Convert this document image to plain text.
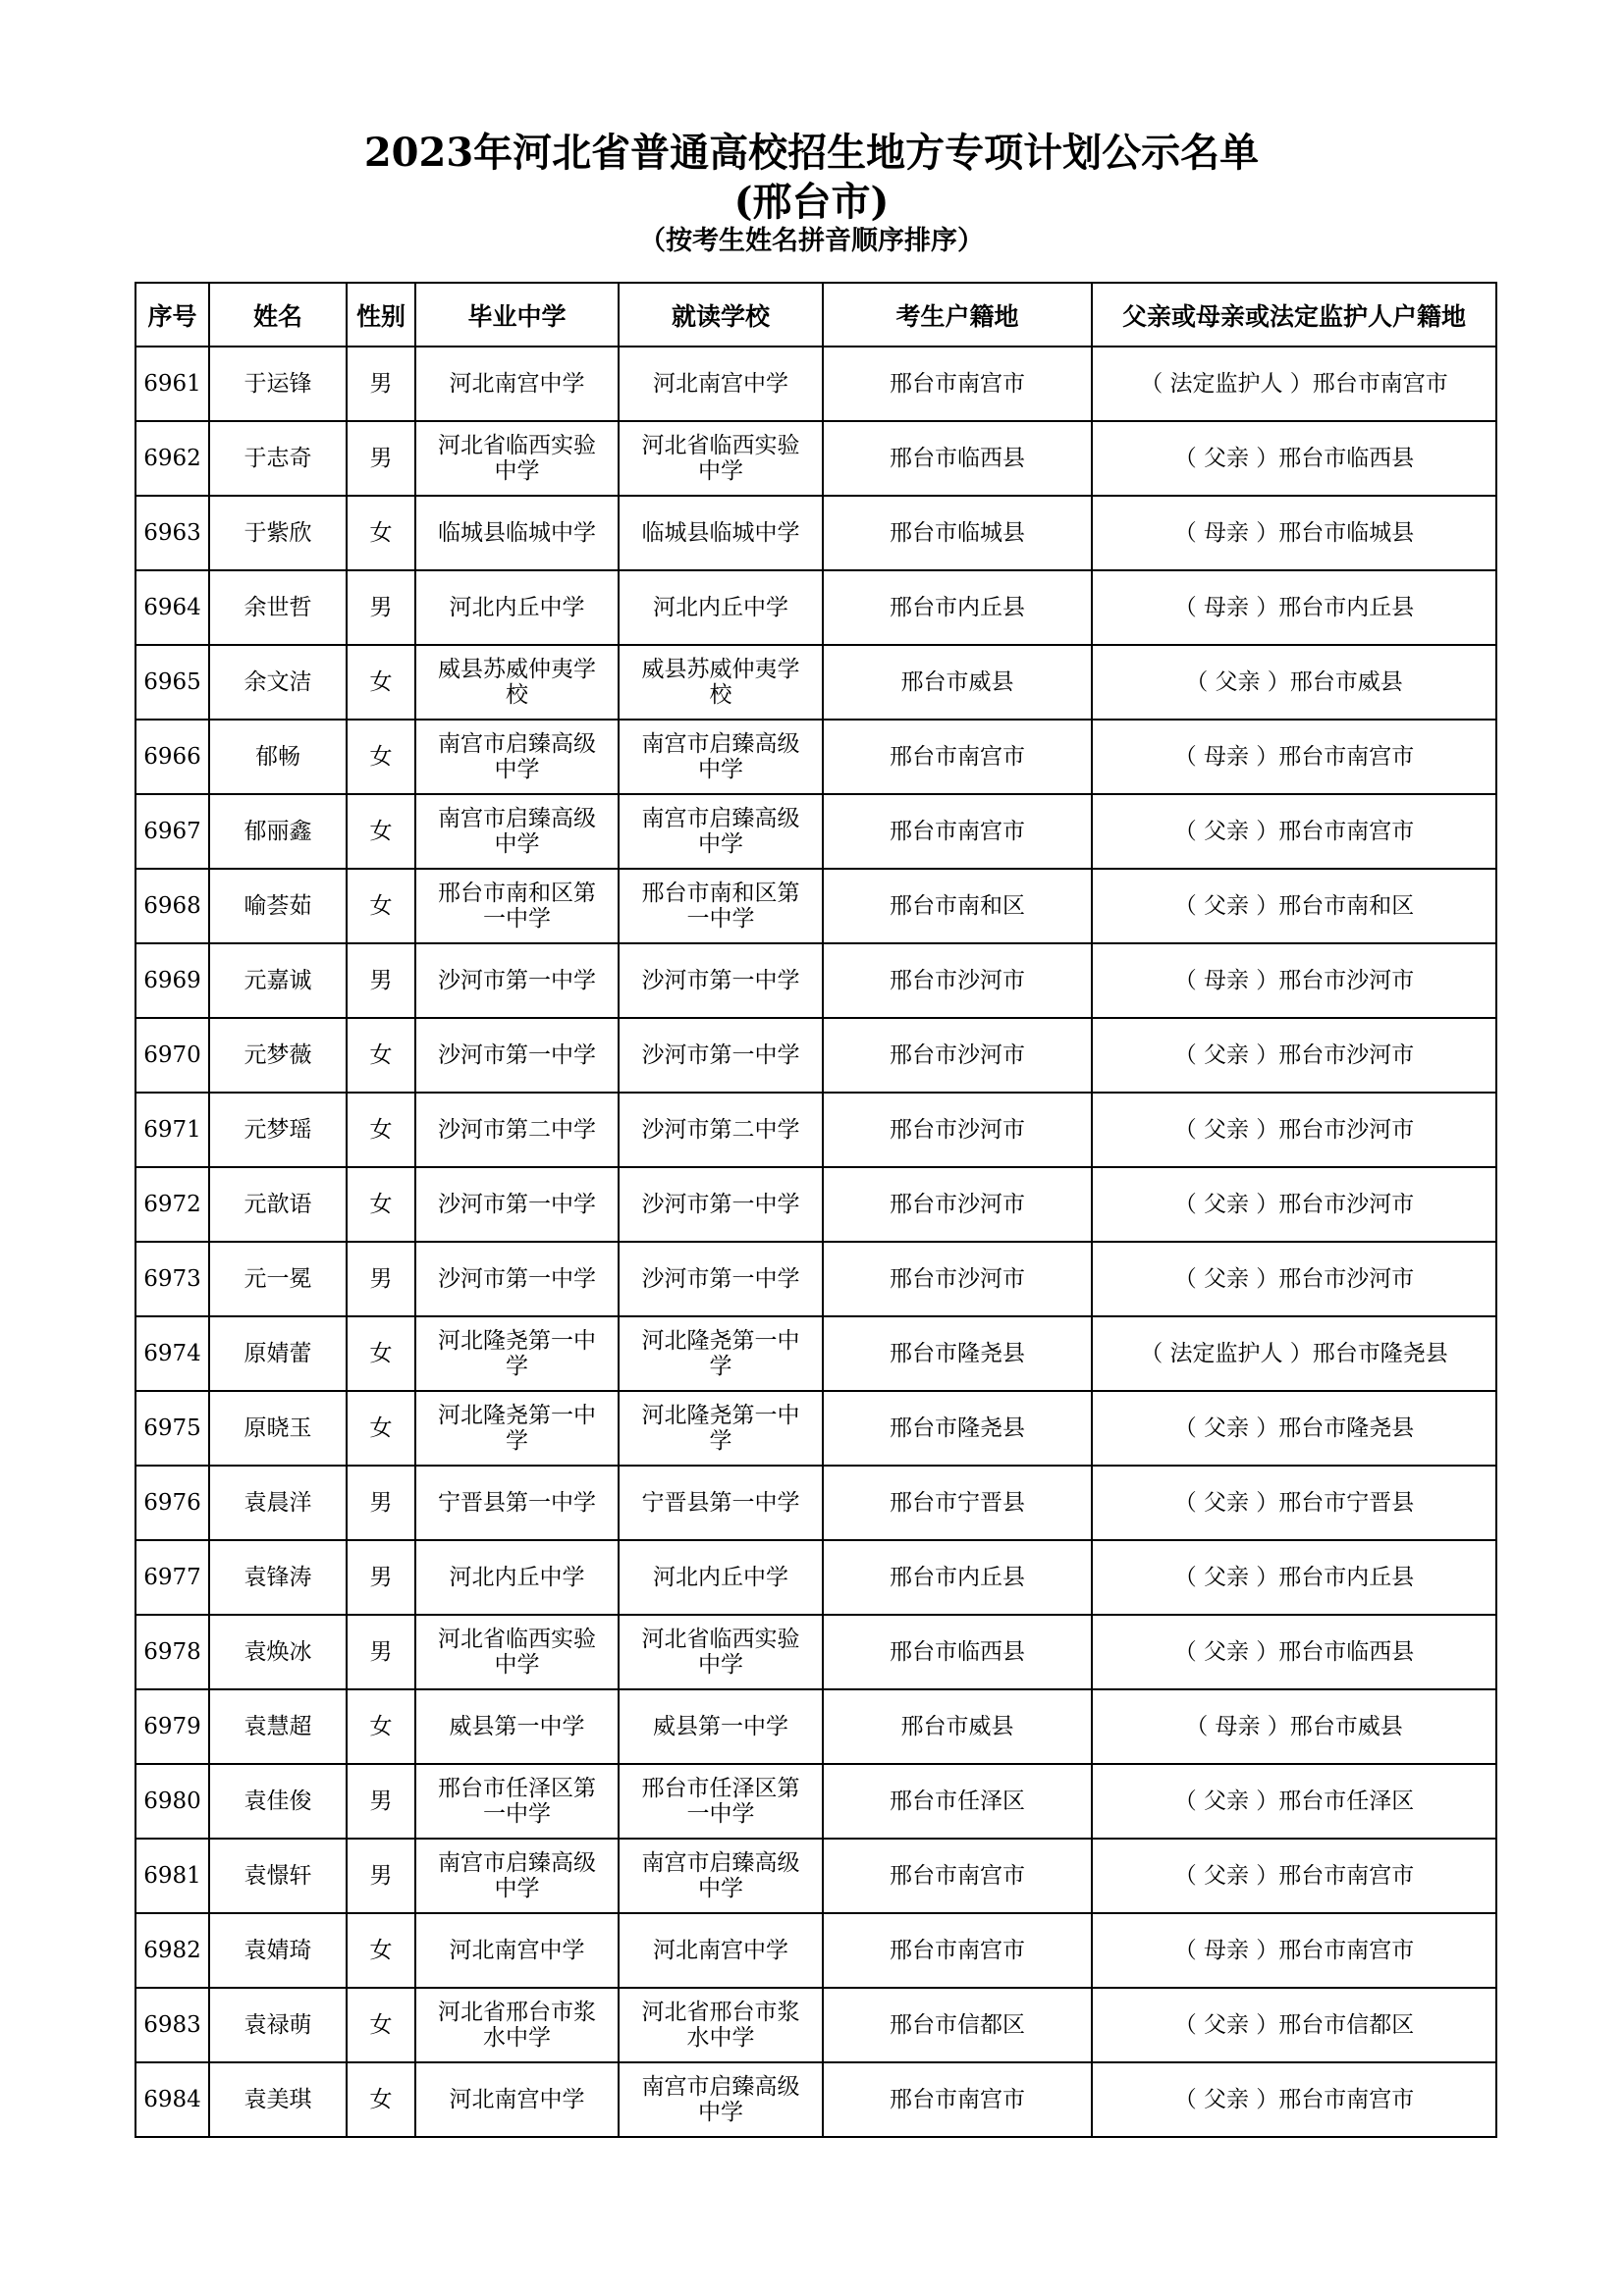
2023年河北省普通高校招生地方专项计划公示名单
(邢台市)
（按考生姓名拼音顺序排序）
序号	姓名	性别	毕业中学	就读学校	考生户籍地	父亲或母亲或法定监护人户籍地
6961	于运锋	男	河北南宫中学	河北南宫中学	邢台市南宫市	（ 法定监护人 ）邢台市南宫市
6962	于志奇	男	河北省临西实验中学	河北省临西实验中学	邢台市临西县	（ 父亲 ）邢台市临西县
6963	于紫欣	女	临城县临城中学	临城县临城中学	邢台市临城县	（ 母亲 ）邢台市临城县
6964	余世哲	男	河北内丘中学	河北内丘中学	邢台市内丘县	（ 母亲 ）邢台市内丘县
6965	余文洁	女	威县苏威仲夷学校	威县苏威仲夷学校	邢台市威县	（ 父亲 ）邢台市威县
6966	郁畅	女	南宫市启臻高级中学	南宫市启臻高级中学	邢台市南宫市	（ 母亲 ）邢台市南宫市
6967	郁丽鑫	女	南宫市启臻高级中学	南宫市启臻高级中学	邢台市南宫市	（ 父亲 ）邢台市南宫市
6968	喻荟茹	女	邢台市南和区第一中学	邢台市南和区第一中学	邢台市南和区	（ 父亲 ）邢台市南和区
6969	元嘉诚	男	沙河市第一中学	沙河市第一中学	邢台市沙河市	（ 母亲 ）邢台市沙河市
6970	元梦薇	女	沙河市第一中学	沙河市第一中学	邢台市沙河市	（ 父亲 ）邢台市沙河市
6971	元梦瑶	女	沙河市第二中学	沙河市第二中学	邢台市沙河市	（ 父亲 ）邢台市沙河市
6972	元歆语	女	沙河市第一中学	沙河市第一中学	邢台市沙河市	（ 父亲 ）邢台市沙河市
6973	元一冕	男	沙河市第一中学	沙河市第一中学	邢台市沙河市	（ 父亲 ）邢台市沙河市
6974	原婧蕾	女	河北隆尧第一中学	河北隆尧第一中学	邢台市隆尧县	（ 法定监护人 ）邢台市隆尧县
6975	原晓玉	女	河北隆尧第一中学	河北隆尧第一中学	邢台市隆尧县	（ 父亲 ）邢台市隆尧县
6976	袁晨洋	男	宁晋县第一中学	宁晋县第一中学	邢台市宁晋县	（ 父亲 ）邢台市宁晋县
6977	袁锋涛	男	河北内丘中学	河北内丘中学	邢台市内丘县	（ 父亲 ）邢台市内丘县
6978	袁焕冰	男	河北省临西实验中学	河北省临西实验中学	邢台市临西县	（ 父亲 ）邢台市临西县
6979	袁慧超	女	威县第一中学	威县第一中学	邢台市威县	（ 母亲 ）邢台市威县
6980	袁佳俊	男	邢台市任泽区第一中学	邢台市任泽区第一中学	邢台市任泽区	（ 父亲 ）邢台市任泽区
6981	袁憬轩	男	南宫市启臻高级中学	南宫市启臻高级中学	邢台市南宫市	（ 父亲 ）邢台市南宫市
6982	袁婧琦	女	河北南宫中学	河北南宫中学	邢台市南宫市	（ 母亲 ）邢台市南宫市
6983	袁禄萌	女	河北省邢台市浆水中学	河北省邢台市浆水中学	邢台市信都区	（ 父亲 ）邢台市信都区
6984	袁美琪	女	河北南宫中学	南宫市启臻高级中学	邢台市南宫市	（ 父亲 ）邢台市南宫市
